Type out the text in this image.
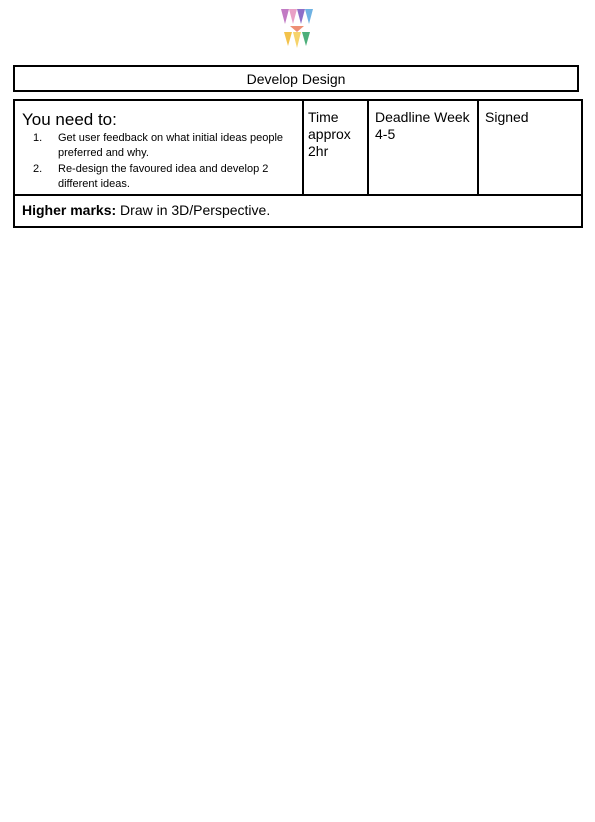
Develop Design
You need to:
1.	Get user feedback on what initial ideas people preferred and why.
2.	Re-design the favoured idea and develop 2 different ideas.
Time approx 2hr
Deadline Week 4-5
Signed
Higher marks: Draw in 3D/Perspective.
